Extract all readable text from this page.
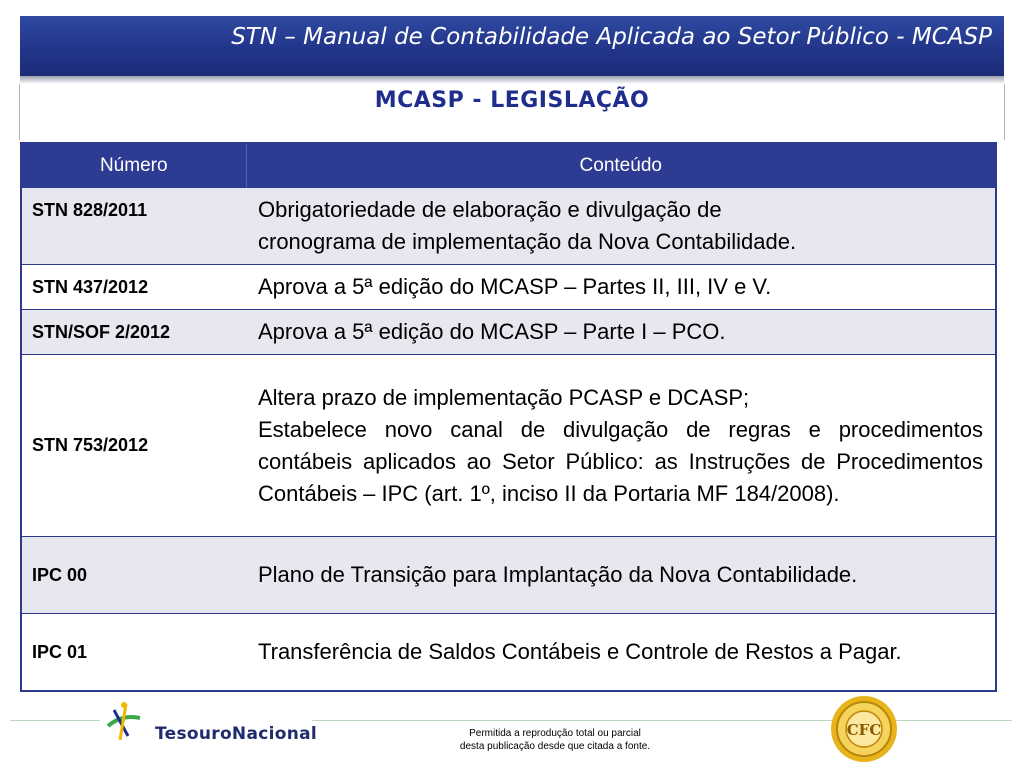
STN – Manual de Contabilidade Aplicada ao Setor Público - MCASP
MCASP - LEGISLAÇÃO
Número	Conteúdo
STN 828/2011	Obrigatoriedade de elaboração e divulgação de
cronograma de implementação da Nova Contabilidade.

STN 437/2012	Aprova a 5ª edição do MCASP – Partes II, III, IV e V.

STN/SOF 2/2012	Aprova a 5ª edição do MCASP – Parte I – PCO.

STN 753/2012	Altera prazo de implementação PCASP e DCASP;
Estabelece novo canal de divulgação de regras e procedimentos contábeis aplicados ao Setor Público: as Instruções de Procedimentos Contábeis – IPC (art. 1º, inciso II da Portaria MF 184/2008).

IPC 00	Plano de Transição para Implantação da Nova Contabilidade.

IPC 01	Transferência de Saldos Contábeis e Controle de Restos a Pagar.
TesouroNacional	Permitida a reprodução total ou parcial
desta publicação desde que citada a fonte.
CFC
